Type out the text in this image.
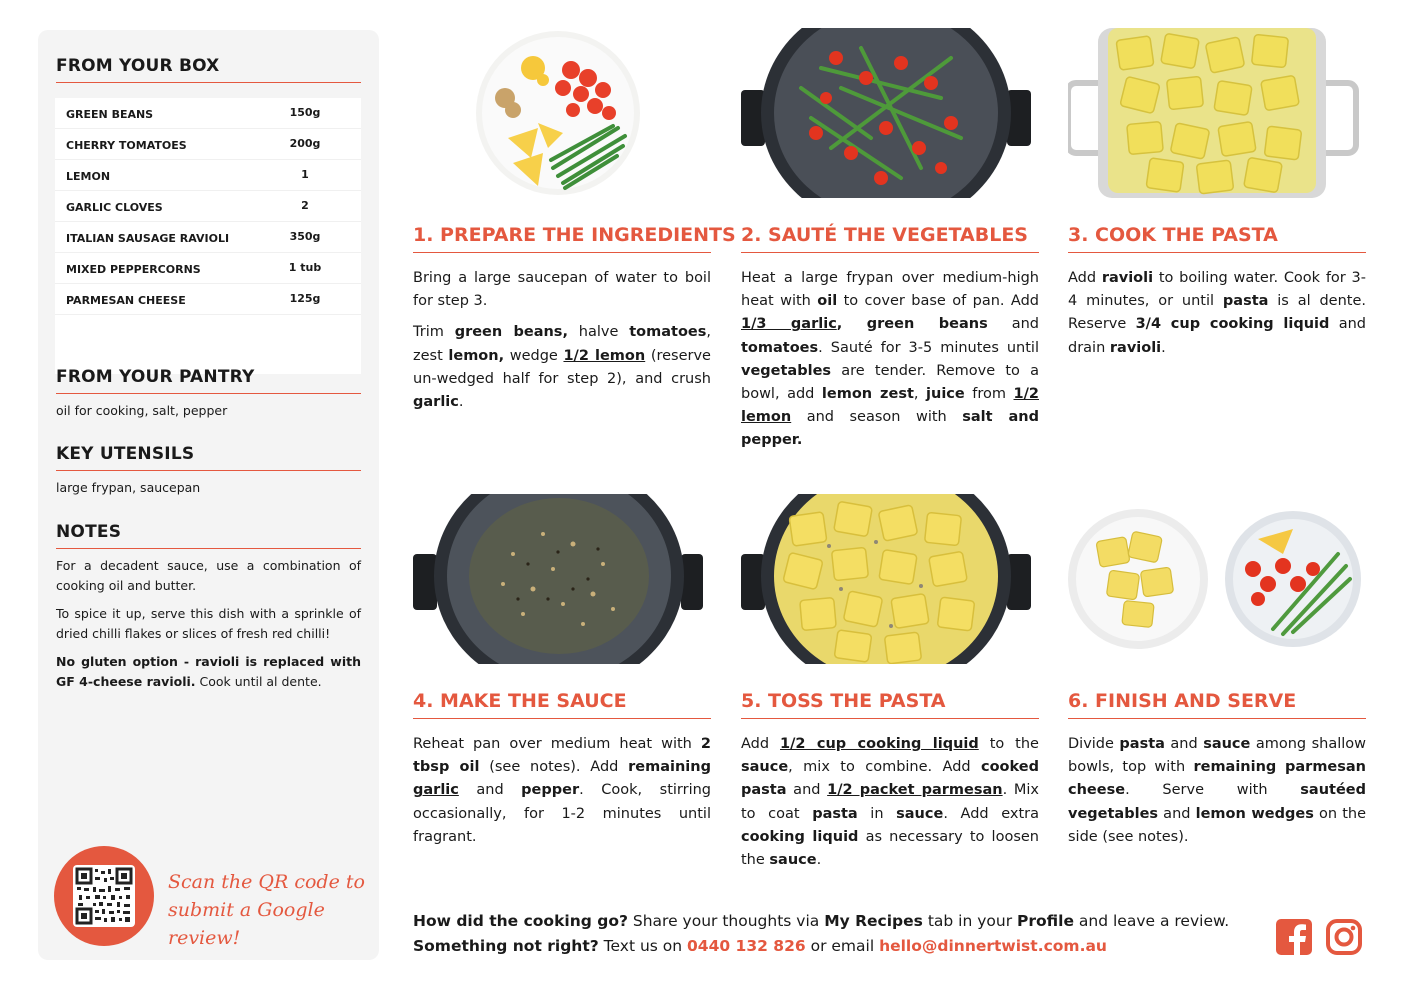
FROM YOUR BOX
GREEN BEANS	150g
CHERRY TOMATOES	200g
LEMON	1
GARLIC CLOVES	2
ITALIAN SAUSAGE RAVIOLI	350g
MIXED PEPPERCORNS	1 tub
PARMESAN CHEESE	125g
FROM YOUR PANTRY
oil for cooking, salt, pepper
KEY UTENSILS
large frypan, saucepan
NOTES

For a decadent sauce, use a combination of cooking oil and butter.

To spice it up, serve this dish with a sprinkle of dried chilli flakes or slices of fresh red chilli!

No gluten option - ravioli is replaced with GF 4-cheese ravioli. Cook until al dente.

Scan the QR code to
submit a Google review!
1. PREPARE THE INGREDIENTS

Bring a large saucepan of water to boil for step 3.

Trim green beans, halve tomatoes, zest lemon, wedge 1/2 lemon (reserve un-wedged half for step 2), and crush garlic.

2. SAUTÉ THE VEGETABLES

Heat a large frypan over medium-high heat with oil to cover base of pan. Add 1/3 garlic, green beans and tomatoes. Sauté for 3-5 minutes until vegetables are tender. Remove to a bowl, add lemon zest, juice from 1/2 lemon and season with salt and pepper.

3. COOK THE PASTA

Add ravioli to boiling water. Cook for 3-4 minutes, or until pasta is al dente. Reserve 3/4 cup cooking liquid and drain ravioli.

4. MAKE THE SAUCE

Reheat pan over medium heat with 2 tbsp oil (see notes). Add remaining garlic and pepper. Cook, stirring occasionally, for 1-2 minutes until fragrant.

5. TOSS THE PASTA

Add 1/2 cup cooking liquid to the sauce, mix to combine. Add cooked pasta and 1/2 packet parmesan. Mix to coat pasta in sauce. Add extra cooking liquid as necessary to loosen the sauce.

6. FINISH AND SERVE

Divide pasta and sauce among shallow bowls, top with remaining parmesan cheese. Serve with sautéed vegetables and lemon wedges on the side (see notes).

How did the cooking go? Share your thoughts via My Recipes tab in your Profile and leave a review.
Something not right? Text us on 0440 132 826 or email hello@dinnertwist.com.au
